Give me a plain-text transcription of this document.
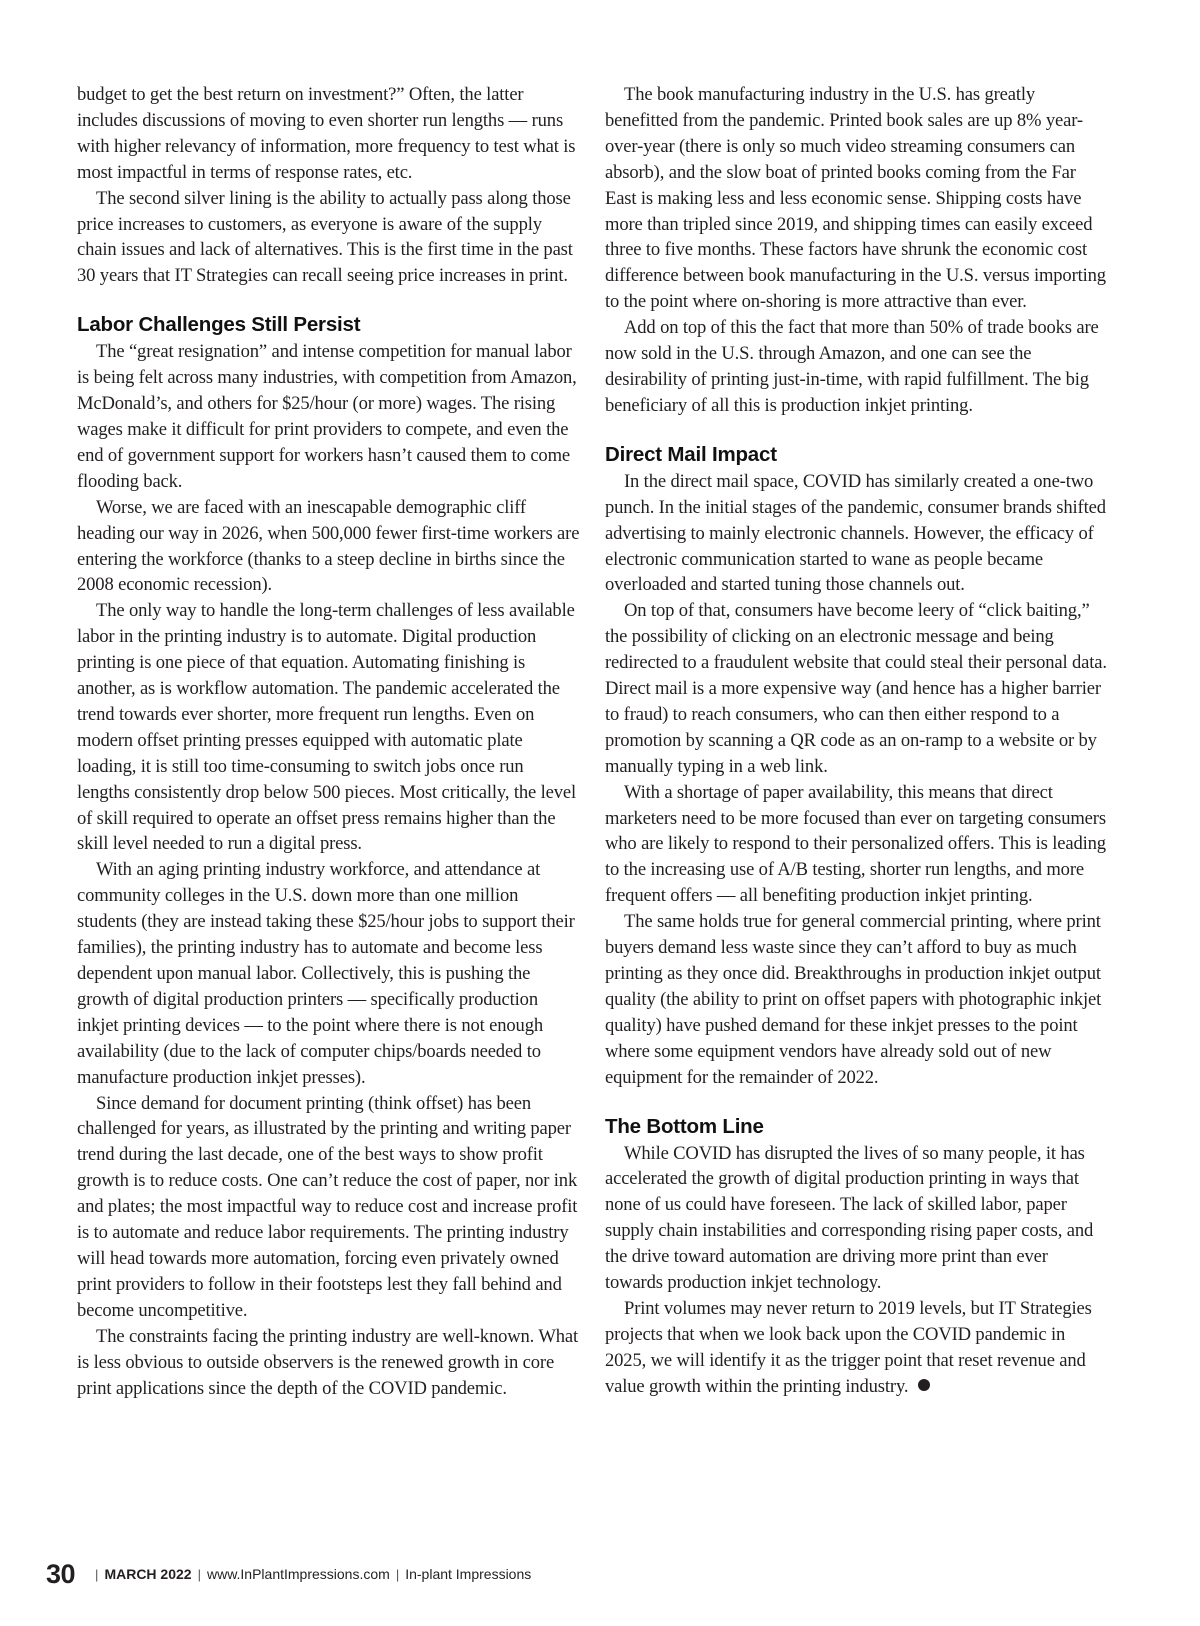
budget to get the best return on investment?” Often, the latter includes discussions of moving to even shorter run lengths — runs with higher relevancy of information, more frequency to test what is most impactful in terms of response rates, etc.

The second silver lining is the ability to actually pass along those price increases to customers, as everyone is aware of the supply chain issues and lack of alternatives. This is the first time in the past 30 years that IT Strategies can recall seeing price increases in print.

Labor Challenges Still Persist

The “great resignation” and intense competition for manual labor is being felt across many industries, with competition from Amazon, McDonald’s, and others for $25/hour (or more) wages. The rising wages make it difficult for print providers to compete, and even the end of government support for workers hasn’t caused them to come flooding back.

Worse, we are faced with an inescapable demographic cliff heading our way in 2026, when 500,000 fewer first-time workers are entering the workforce (thanks to a steep decline in births since the 2008 economic recession).

The only way to handle the long-term challenges of less available labor in the printing industry is to automate. Digital production printing is one piece of that equation. Automating finishing is another, as is workflow automation. The pandemic accelerated the trend towards ever shorter, more frequent run lengths. Even on modern offset printing presses equipped with automatic plate loading, it is still too time-consuming to switch jobs once run lengths consistently drop below 500 pieces. Most critically, the level of skill required to operate an offset press remains higher than the skill level needed to run a digital press.

With an aging printing industry workforce, and attendance at community colleges in the U.S. down more than one million students (they are instead taking these $25/hour jobs to support their families), the printing industry has to automate and become less dependent upon manual labor. Collectively, this is pushing the growth of digital production printers — specifically production inkjet printing devices — to the point where there is not enough availability (due to the lack of computer chips/boards needed to manufacture production inkjet presses).

Since demand for document printing (think offset) has been challenged for years, as illustrated by the printing and writing paper trend during the last decade, one of the best ways to show profit growth is to reduce costs. One can’t reduce the cost of paper, nor ink and plates; the most impactful way to reduce cost and increase profit is to automate and reduce labor requirements. The printing industry will head towards more automation, forcing even privately owned print providers to follow in their footsteps lest they fall behind and become uncompetitive.

The constraints facing the printing industry are well-known. What is less obvious to outside observers is the renewed growth in core print applications since the depth of the COVID pandemic.

The book manufacturing industry in the U.S. has greatly benefitted from the pandemic. Printed book sales are up 8% year-over-year (there is only so much video streaming consumers can absorb), and the slow boat of printed books coming from the Far East is making less and less economic sense. Shipping costs have more than tripled since 2019, and shipping times can easily exceed three to five months. These factors have shrunk the economic cost difference between book manufacturing in the U.S. versus importing to the point where on-shoring is more attractive than ever.

Add on top of this the fact that more than 50% of trade books are now sold in the U.S. through Amazon, and one can see the desirability of printing just-in-time, with rapid fulfillment. The big beneficiary of all this is production inkjet printing.

Direct Mail Impact

In the direct mail space, COVID has similarly created a one-two punch. In the initial stages of the pandemic, consumer brands shifted advertising to mainly electronic channels. However, the efficacy of electronic communication started to wane as people became overloaded and started tuning those channels out.

On top of that, consumers have become leery of “click baiting,” the possibility of clicking on an electronic message and being redirected to a fraudulent website that could steal their personal data. Direct mail is a more expensive way (and hence has a higher barrier to fraud) to reach consumers, who can then either respond to a promotion by scanning a QR code as an on-ramp to a website or by manually typing in a web link.

With a shortage of paper availability, this means that direct marketers need to be more focused than ever on targeting consumers who are likely to respond to their personalized offers. This is leading to the increasing use of A/B testing, shorter run lengths, and more frequent offers — all benefiting production inkjet printing.

The same holds true for general commercial printing, where print buyers demand less waste since they can’t afford to buy as much printing as they once did. Breakthroughs in production inkjet output quality (the ability to print on offset papers with photographic inkjet quality) have pushed demand for these inkjet presses to the point where some equipment vendors have already sold out of new equipment for the remainder of 2022.

The Bottom Line

While COVID has disrupted the lives of so many people, it has accelerated the growth of digital production printing in ways that none of us could have foreseen. The lack of skilled labor, paper supply chain instabilities and corresponding rising paper costs, and the drive toward automation are driving more print than ever towards production inkjet technology.

Print volumes may never return to 2019 levels, but IT Strategies projects that when we look back upon the COVID pandemic in 2025, we will identify it as the trigger point that reset revenue and value growth within the printing industry.

30 | MARCH 2022 | www.InPlantImpressions.com | In-plant Impressions
